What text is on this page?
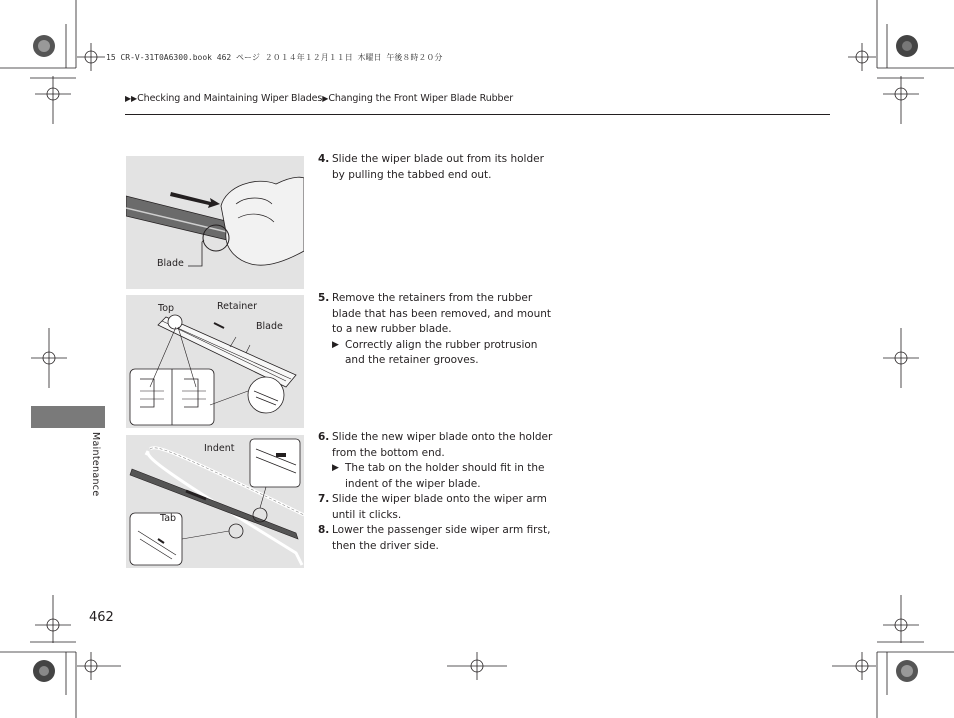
15 CR-V-31T0A6300.book 462 ページ ２０１４年１２月１１日 木曜日 午後８時２０分
▶▶Checking and Maintaining Wiper Blades▶Changing the Front Wiper Blade Rubber
Blade
Top	Retainer
Blade
Indent
Tab
4. Slide the wiper blade out from its holder by pulling the tabbed end out.
5. Remove the retainers from the rubber blade that has been removed, and mount to a new rubber blade.
▶ Correctly align the rubber protrusion and the retainer grooves.
6. Slide the new wiper blade onto the holder from the bottom end.
▶ The tab on the holder should fit in the indent of the wiper blade.
7. Slide the wiper blade onto the wiper arm until it clicks.
8. Lower the passenger side wiper arm first, then the driver side.
Maintenance
462
